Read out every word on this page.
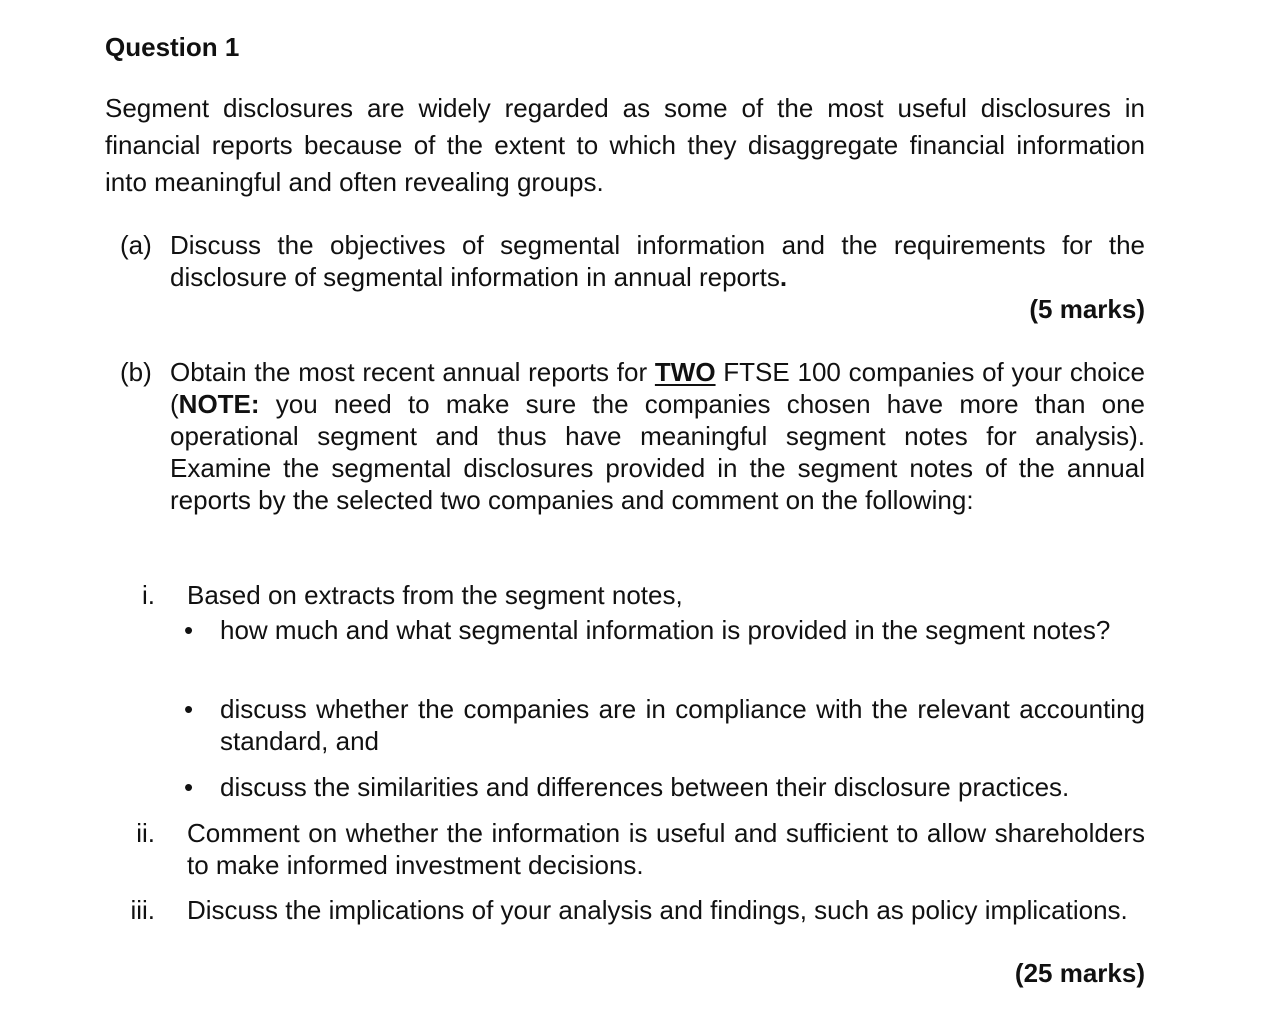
Question 1

Segment disclosures are widely regarded as some of the most useful disclosures in financial reports because of the extent to which they disaggregate financial information into meaningful and often revealing groups.

(a) Discuss the objectives of segmental information and the requirements for the disclosure of segmental information in annual reports.
(5 marks)
(b) Obtain the most recent annual reports for TWO FTSE 100 companies of your choice (NOTE: you need to make sure the companies chosen have more than one operational segment and thus have meaningful segment notes for analysis). Examine the segmental disclosures provided in the segment notes of the annual reports by the selected two companies and comment on the following:
i. Based on extracts from the segment notes,
• how much and what segmental information is provided in the segment notes?
• discuss whether the companies are in compliance with the relevant accounting standard, and
• discuss the similarities and differences between their disclosure practices.
ii. Comment on whether the information is useful and sufficient to allow shareholders to make informed investment decisions.
iii. Discuss the implications of your analysis and findings, such as policy implications.
(25 marks)
